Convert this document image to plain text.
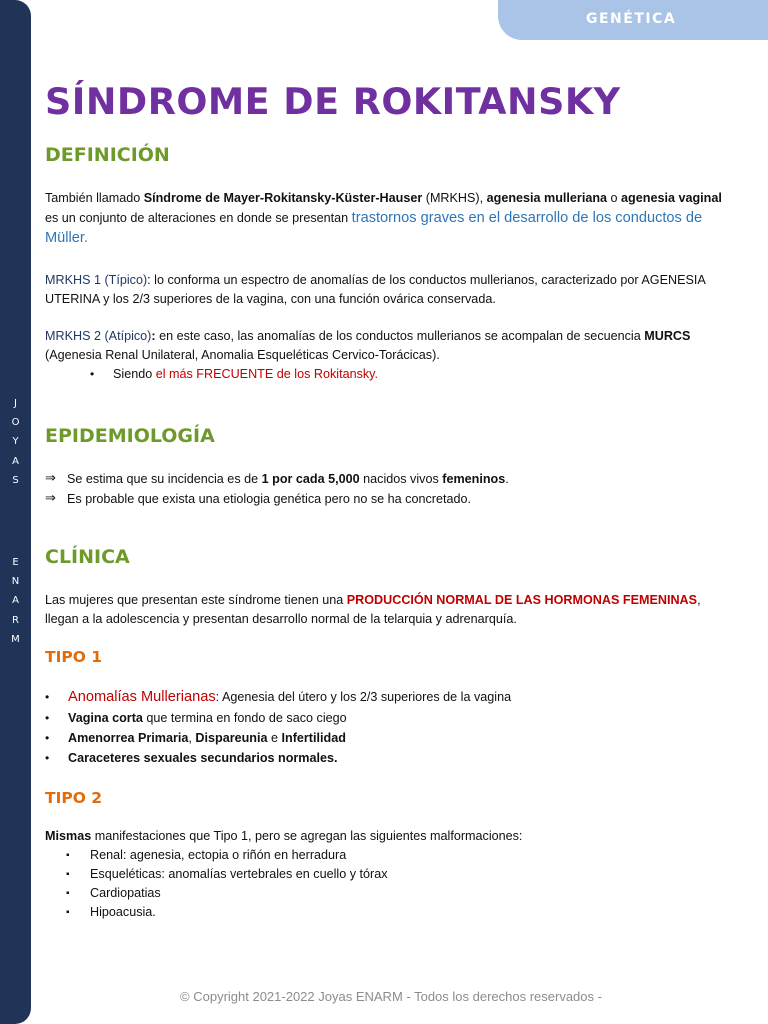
J
O
Y
A
S
E
N
A
R
M
GENÉTICA
SÍNDROME DE ROKITANSKY
DEFINICIÓN

También llamado Síndrome de Mayer-Rokitansky-Küster-Hauser (MRKHS), agenesia mulleriana o agenesia vaginal es un conjunto de alteraciones en donde se presentan trastornos graves en el desarrollo de los conductos de Müller.

MRKHS 1 (Típico): lo conforma un espectro de anomalías de los conductos mullerianos, caracterizado por AGENESIA UTERINA y los 2/3 superiores de la vagina, con una función ovárica conservada.

MRKHS 2 (Atípico): en este caso, las anomalías de los conductos mullerianos se acompalan de secuencia MURCS (Agenesia Renal Unilateral, Anomalia Esqueléticas Cervico-Torácicas).

• Siendo el más FRECUENTE de los Rokitansky.
EPIDEMIOLOGÍA
⇒ Se estima que su incidencia es de 1 por cada 5,000 nacidos vivos femeninos.
⇒ Es probable que exista una etiologia genética pero no se ha concretado.
CLÍNICA

Las mujeres que presentan este síndrome tienen una PRODUCCIÓN NORMAL DE LAS HORMONAS FEMENINAS, llegan a la adolescencia y presentan desarrollo normal de la telarquia y adrenarquía.

TIPO 1
• Anomalías Mullerianas: Agenesia del útero y los 2/3 superiores de la vagina
• Vagina corta que termina en fondo de saco ciego
• Amenorrea Primaria, Dispareunia e Infertilidad
• Caraceteres sexuales secundarios normales.
TIPO 2

Mismas manifestaciones que Tipo 1, pero se agregan las siguientes malformaciones:

▪ Renal: agenesia, ectopia o riñón en herradura
▪ Esqueléticas: anomalías vertebrales en cuello y tórax
▪ Cardiopatias
▪ Hipoacusia.
© Copyright 2021-2022 Joyas ENARM - Todos los derechos reservados -
